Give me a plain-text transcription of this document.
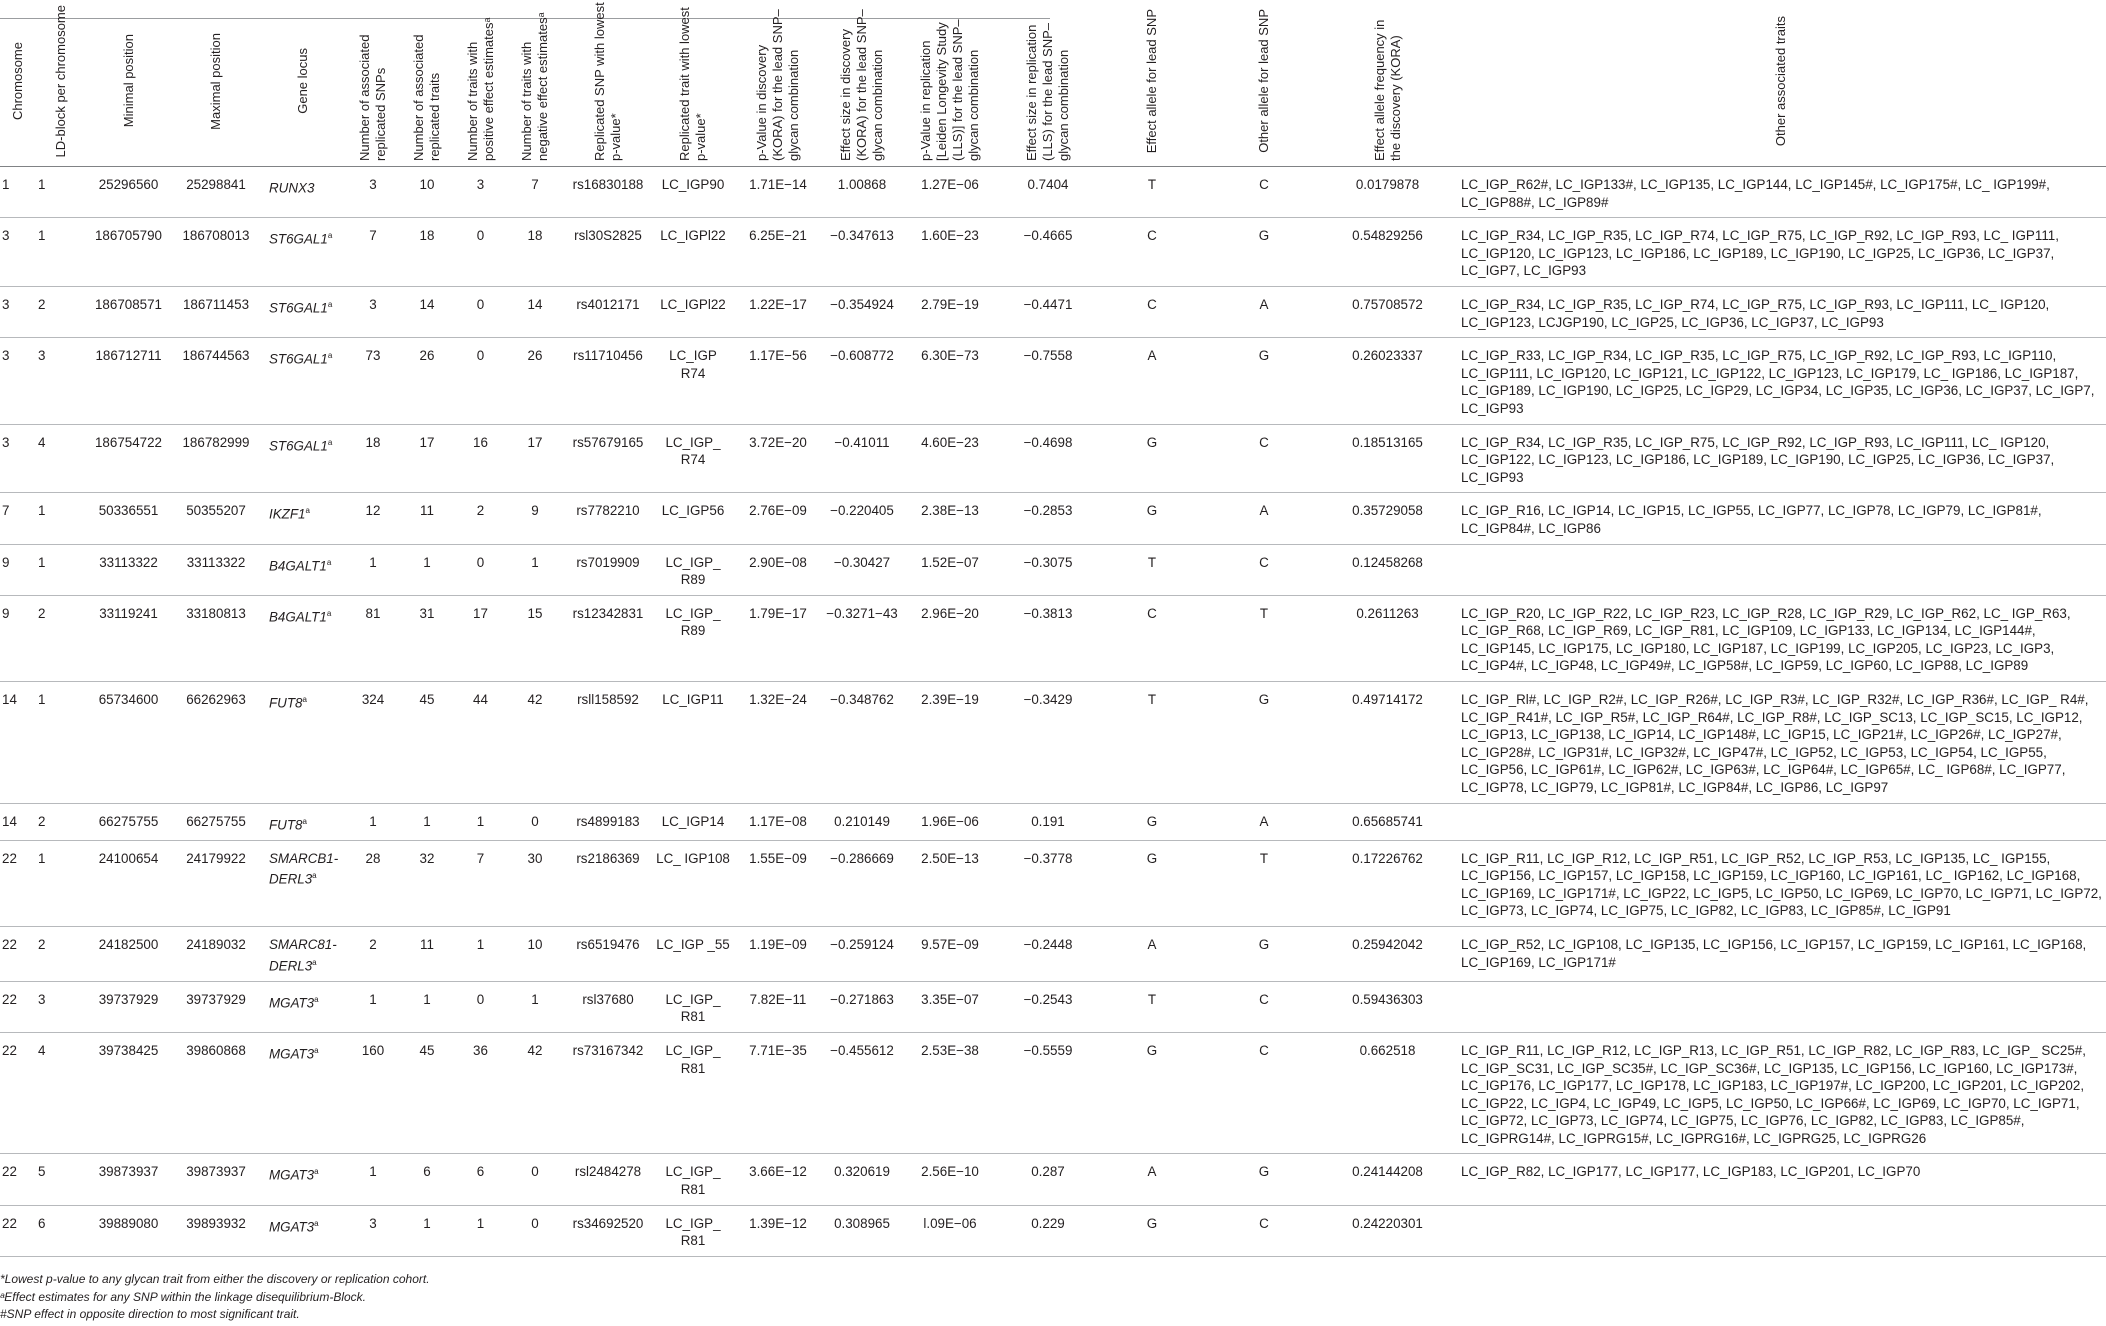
Chromosome	LD-block per chromosome	Minimal position	Maximal position	Gene locus	Number of associated replicated SNPs	Number of associated replicated traits	Number of traits with positive effect estimatesᵃ	Number of traits with negative effect estimatesᵃ	Replicated SNP with lowest p-value*	Replicated trait with lowest p-value*	p-Value in discovery (KORA) for the lead SNP–glycan combination	Effect size in discovery (KORA) for the lead SNP–glycan combination	p-Value in replication [Leiden Longevity Study (LLS)] for the lead SNP–glycan combination	Effect size in replication (LLS) for the lead SNP–glycan combination	Effect allele for lead SNP	Other allele for lead SNP	Effect allele frequency in the discovery (KORA)	Other associated traits
1	1	25296560	25298841	RUNX3	3	10	3	7	rs16830188	LC_IGP90	1.71E−14	1.00868	1.27E−06	0.7404	T	C	0.0179878	LC_IGP_R62#, LC_IGP133#, LC_IGP135, LC_IGP144, LC_IGP145#, LC_IGP175#, LC_ IGP199#, LC_IGP88#, LC_IGP89#
3	1	186705790	186708013	ST6GAL1$^a$	7	18	0	18	rsl30S2825	LC_IGPl22	6.25E−21	−0.347613	1.60E−23	−0.4665	C	G	0.54829256	LC_IGP_R34, LC_IGP_R35, LC_IGP_R74, LC_IGP_R75, LC_IGP_R92, LC_IGP_R93, LC_ IGP111, LC_IGP120, LC_IGP123, LC_IGP186, LC_IGP189, LC_IGP190, LC_IGP25, LC_IGP36, LC_IGP37, LC_IGP7, LC_IGP93
3	2	186708571	186711453	ST6GAL1$^a$	3	14	0	14	rs4012171	LC_IGPl22	1.22E−17	−0.354924	2.79E−19	−0.4471	C	A	0.75708572	LC_IGP_R34, LC_IGP_R35, LC_IGP_R74, LC_IGP_R75, LC_IGP_R93, LC_IGP111, LC_ IGP120, LC_IGP123, LCJGP190, LC_IGP25, LC_IGP36, LC_IGP37, LC_IGP93
3	3	186712711	186744563	ST6GAL1$^a$	73	26	0	26	rs11710456	LC_IGP R74	1.17E−56	−0.608772	6.30E−73	−0.7558	A	G	0.26023337	LC_IGP_R33, LC_IGP_R34, LC_IGP_R35, LC_IGP_R75, LC_IGP_R92, LC_IGP_R93, LC_IGP110, LC_IGP111, LC_IGP120, LC_IGP121, LC_IGP122, LC_IGP123, LC_IGP179, LC_ IGP186, LC_IGP187, LC_IGP189, LC_IGP190, LC_IGP25, LC_IGP29, LC_IGP34, LC_IGP35, LC_IGP36, LC_IGP37, LC_IGP7, LC_IGP93
3	4	186754722	186782999	ST6GAL1$^a$	18	17	16	17	rs57679165	LC_IGP_ R74	3.72E−20	−0.41011	4.60E−23	−0.4698	G	C	0.18513165	LC_IGP_R34, LC_IGP_R35, LC_IGP_R75, LC_IGP_R92, LC_IGP_R93, LC_IGP111, LC_ IGP120, LC_IGP122, LC_IGP123, LC_IGP186, LC_IGP189, LC_IGP190, LC_IGP25, LC_IGP36, LC_IGP37, LC_IGP93
7	1	50336551	50355207	IKZF1$^a$	12	11	2	9	rs7782210	LC_IGP56	2.76E−09	−0.220405	2.38E−13	−0.2853	G	A	0.35729058	LC_IGP_R16, LC_IGP14, LC_IGP15, LC_IGP55, LC_IGP77, LC_IGP78, LC_IGP79, LC_IGP81#, LC_IGP84#, LC_IGP86
9	1	33113322	33113322	B4GALT1$^a$	1	1	0	1	rs7019909	LC_IGP_ R89	2.90E−08	−0.30427	1.52E−07	−0.3075	T	C	0.12458268	
9	2	33119241	33180813	B4GALT1$^a$	81	31	17	15	rs12342831	LC_IGP_ R89	1.79E−17	−0.3271−43	2.96E−20	−0.3813	C	T	0.2611263	LC_IGP_R20, LC_IGP_R22, LC_IGP_R23, LC_IGP_R28, LC_IGP_R29, LC_IGP_R62, LC_ IGP_R63, LC_IGP_R68, LC_IGP_R69, LC_IGP_R81, LC_IGP109, LC_IGP133, LC_IGP134, LC_IGP144#, LC_IGP145, LC_IGP175, LC_IGP180, LC_IGP187, LC_IGP199, LC_IGP205, LC_IGP23, LC_IGP3, LC_IGP4#, LC_IGP48, LC_IGP49#, LC_IGP58#, LC_IGP59, LC_IGP60, LC_IGP88, LC_IGP89
14	1	65734600	66262963	FUT8$^a$	324	45	44	42	rsll158592	LC_IGP11	1.32E−24	−0.348762	2.39E−19	−0.3429	T	G	0.49714172	LC_IGP_Rl#, LC_IGP_R2#, LC_IGP_R26#, LC_IGP_R3#, LC_IGP_R32#, LC_IGP_R36#, LC_IGP_ R4#, LC_IGP_R41#, LC_IGP_R5#, LC_IGP_R64#, LC_IGP_R8#, LC_IGP_SC13, LC_IGP_SC15, LC_IGP12, LC_IGP13, LC_IGP138, LC_IGP14, LC_IGP148#, LC_IGP15, LC_IGP21#, LC_IGP26#, LC_IGP27#, LC_IGP28#, LC_IGP31#, LC_IGP32#, LC_IGP47#, LC_IGP52, LC_IGP53, LC_IGP54, LC_IGP55, LC_IGP56, LC_IGP61#, LC_IGP62#, LC_IGP63#, LC_IGP64#, LC_IGP65#, LC_ IGP68#, LC_IGP77, LC_IGP78, LC_IGP79, LC_IGP81#, LC_IGP84#, LC_IGP86, LC_IGP97
14	2	66275755	66275755	FUT8$^a$	1	1	1	0	rs4899183	LC_IGP14	1.17E−08	0.210149	1.96E−06	0.191	G	A	0.65685741	
22	1	24100654	24179922	SMARCB1- DERL3$^a$	28	32	7	30	rs2186369	LC_ IGP108	1.55E−09	−0.286669	2.50E−13	−0.3778	G	T	0.17226762	LC_IGP_R11, LC_IGP_R12, LC_IGP_R51, LC_IGP_R52, LC_IGP_R53, LC_IGP135, LC_ IGP155, LC_IGP156, LC_IGP157, LC_IGP158, LC_IGP159, LC_IGP160, LC_IGP161, LC_ IGP162, LC_IGP168, LC_IGP169, LC_IGP171#, LC_IGP22, LC_IGP5, LC_IGP50, LC_IGP69, LC_IGP70, LC_IGP71, LC_IGP72, LC_IGP73, LC_IGP74, LC_IGP75, LC_IGP82, LC_IGP83, LC_IGP85#, LC_IGP91
22	2	24182500	24189032	SMARC81- DERL3$^a$	2	11	1	10	rs6519476	LC_IGP _55	1.19E−09	−0.259124	9.57E−09	−0.2448	A	G	0.25942042	LC_IGP_R52, LC_IGP108, LC_IGP135, LC_IGP156, LC_IGP157, LC_IGP159, LC_IGP161, LC_IGP168, LC_IGP169, LC_IGP171#
22	3	39737929	39737929	MGAT3$^a$	1	1	0	1	rsl37680	LC_IGP_ R81	7.82E−11	−0.271863	3.35E−07	−0.2543	T	C	0.59436303	
22	4	39738425	39860868	MGAT3$^a$	160	45	36	42	rs73167342	LC_IGP_ R81	7.71E−35	−0.455612	2.53E−38	−0.5559	G	C	0.662518	LC_IGP_R11, LC_IGP_R12, LC_IGP_R13, LC_IGP_R51, LC_IGP_R82, LC_IGP_R83, LC_IGP_ SC25#, LC_IGP_SC31, LC_IGP_SC35#, LC_IGP_SC36#, LC_IGP135, LC_IGP156, LC_IGP160, LC_IGP173#, LC_IGP176, LC_IGP177, LC_IGP178, LC_IGP183, LC_IGP197#, LC_IGP200, LC_IGP201, LC_IGP202, LC_IGP22, LC_IGP4, LC_IGP49, LC_IGP5, LC_IGP50, LC_IGP66#, LC_IGP69, LC_IGP70, LC_IGP71, LC_IGP72, LC_IGP73, LC_IGP74, LC_IGP75, LC_IGP76, LC_IGP82, LC_IGP83, LC_IGP85#, LC_IGPRG14#, LC_IGPRG15#, LC_IGPRG16#, LC_IGPRG25, LC_IGPRG26
22	5	39873937	39873937	MGAT3$^a$	1	6	6	0	rsl2484278	LC_IGP_ R81	3.66E−12	0.320619	2.56E−10	0.287	A	G	0.24144208	LC_IGP_R82, LC_IGP177, LC_IGP177, LC_IGP183, LC_IGP201, LC_IGP70
22	6	39889080	39893932	MGAT3$^a$	3	1	1	0	rs34692520	LC_IGP_ R81	1.39E−12	0.308965	l.09E−06	0.229	G	C	0.24220301	
*Lowest p-value to any glycan trait from either the discovery or replication cohort.
ᵃEffect estimates for any SNP within the linkage disequilibrium-Block.
#SNP effect in opposite direction to most significant trait.
